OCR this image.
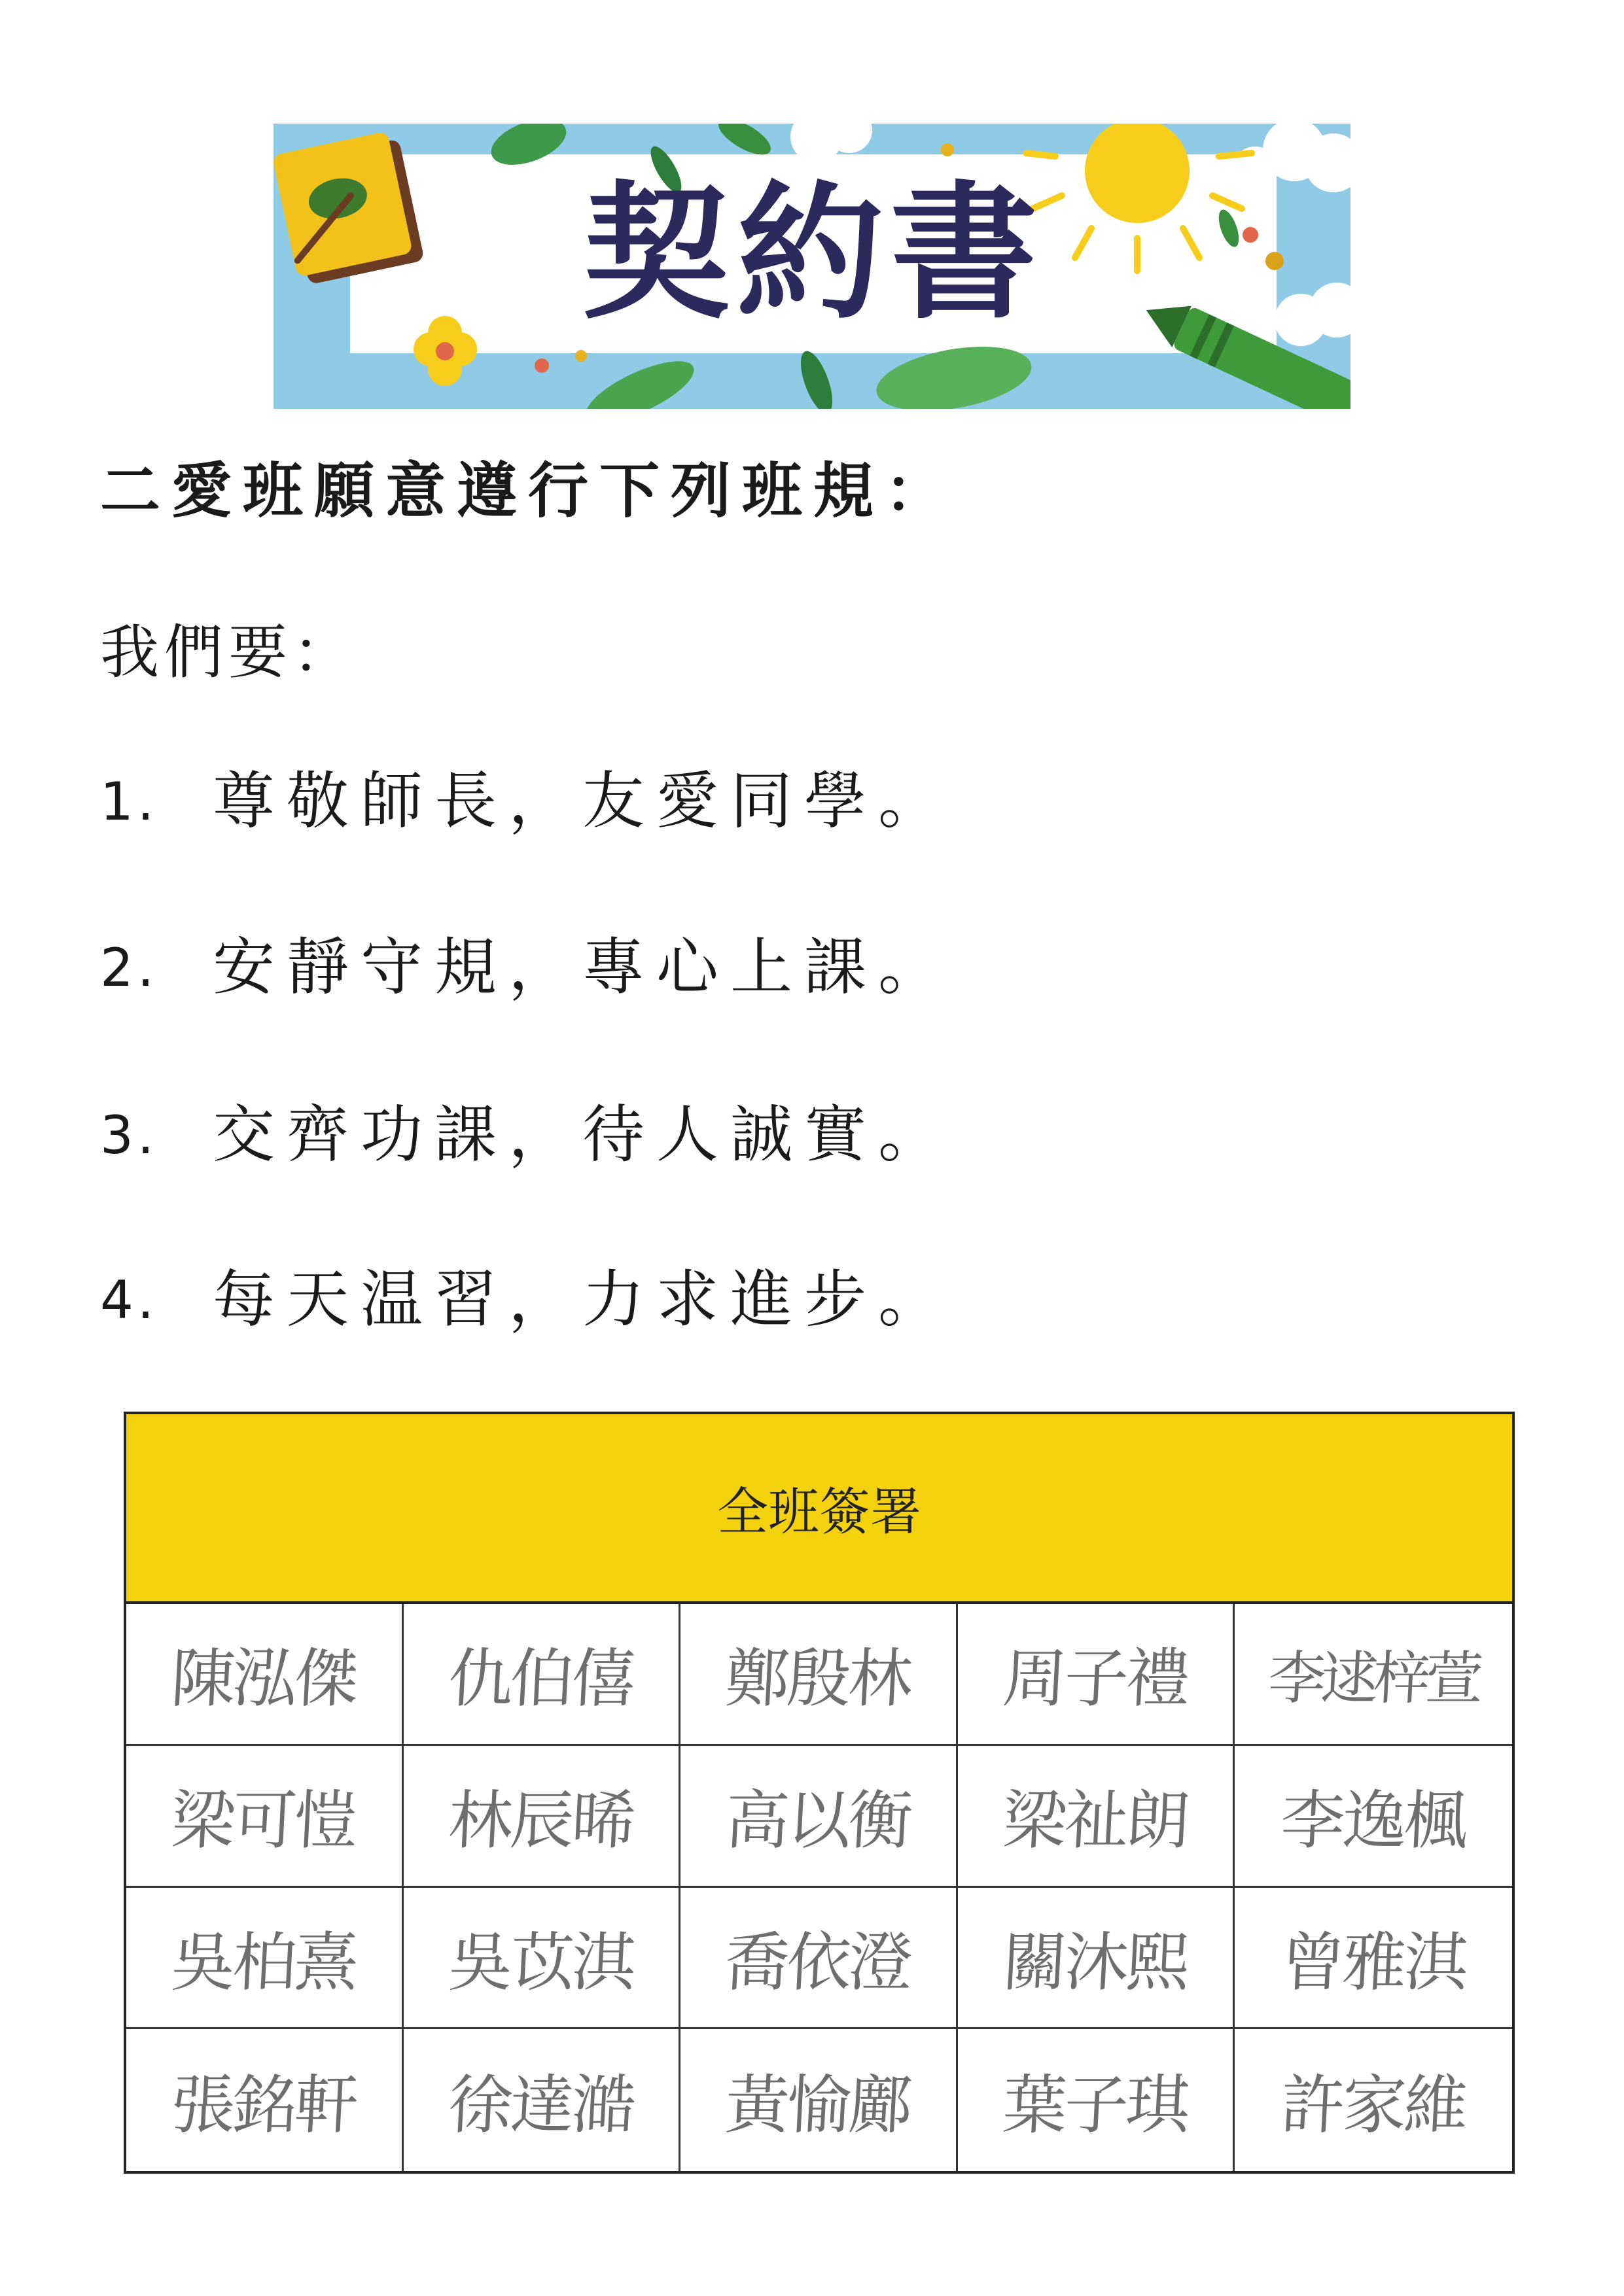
契約書
二愛班願意遵行下列班規：
我們要：
1. 尊敬師長，友愛同學。
2. 安靜守規，專心上課。
3. 交齊功課，待人誠實。
4. 每天温習，力求進步。
全班簽署
陳泓傑 仇伯僖 鄭殷林 周子禮 李逑梓萱
梁可愷 林辰晞 高以衡 梁祉朗 李逸楓
吳柏熹 吳苡淇 喬依澄 關沐熙 曾雅淇
張銘軒 徐達澔 黃愉鄺 葉子琪 許家維
